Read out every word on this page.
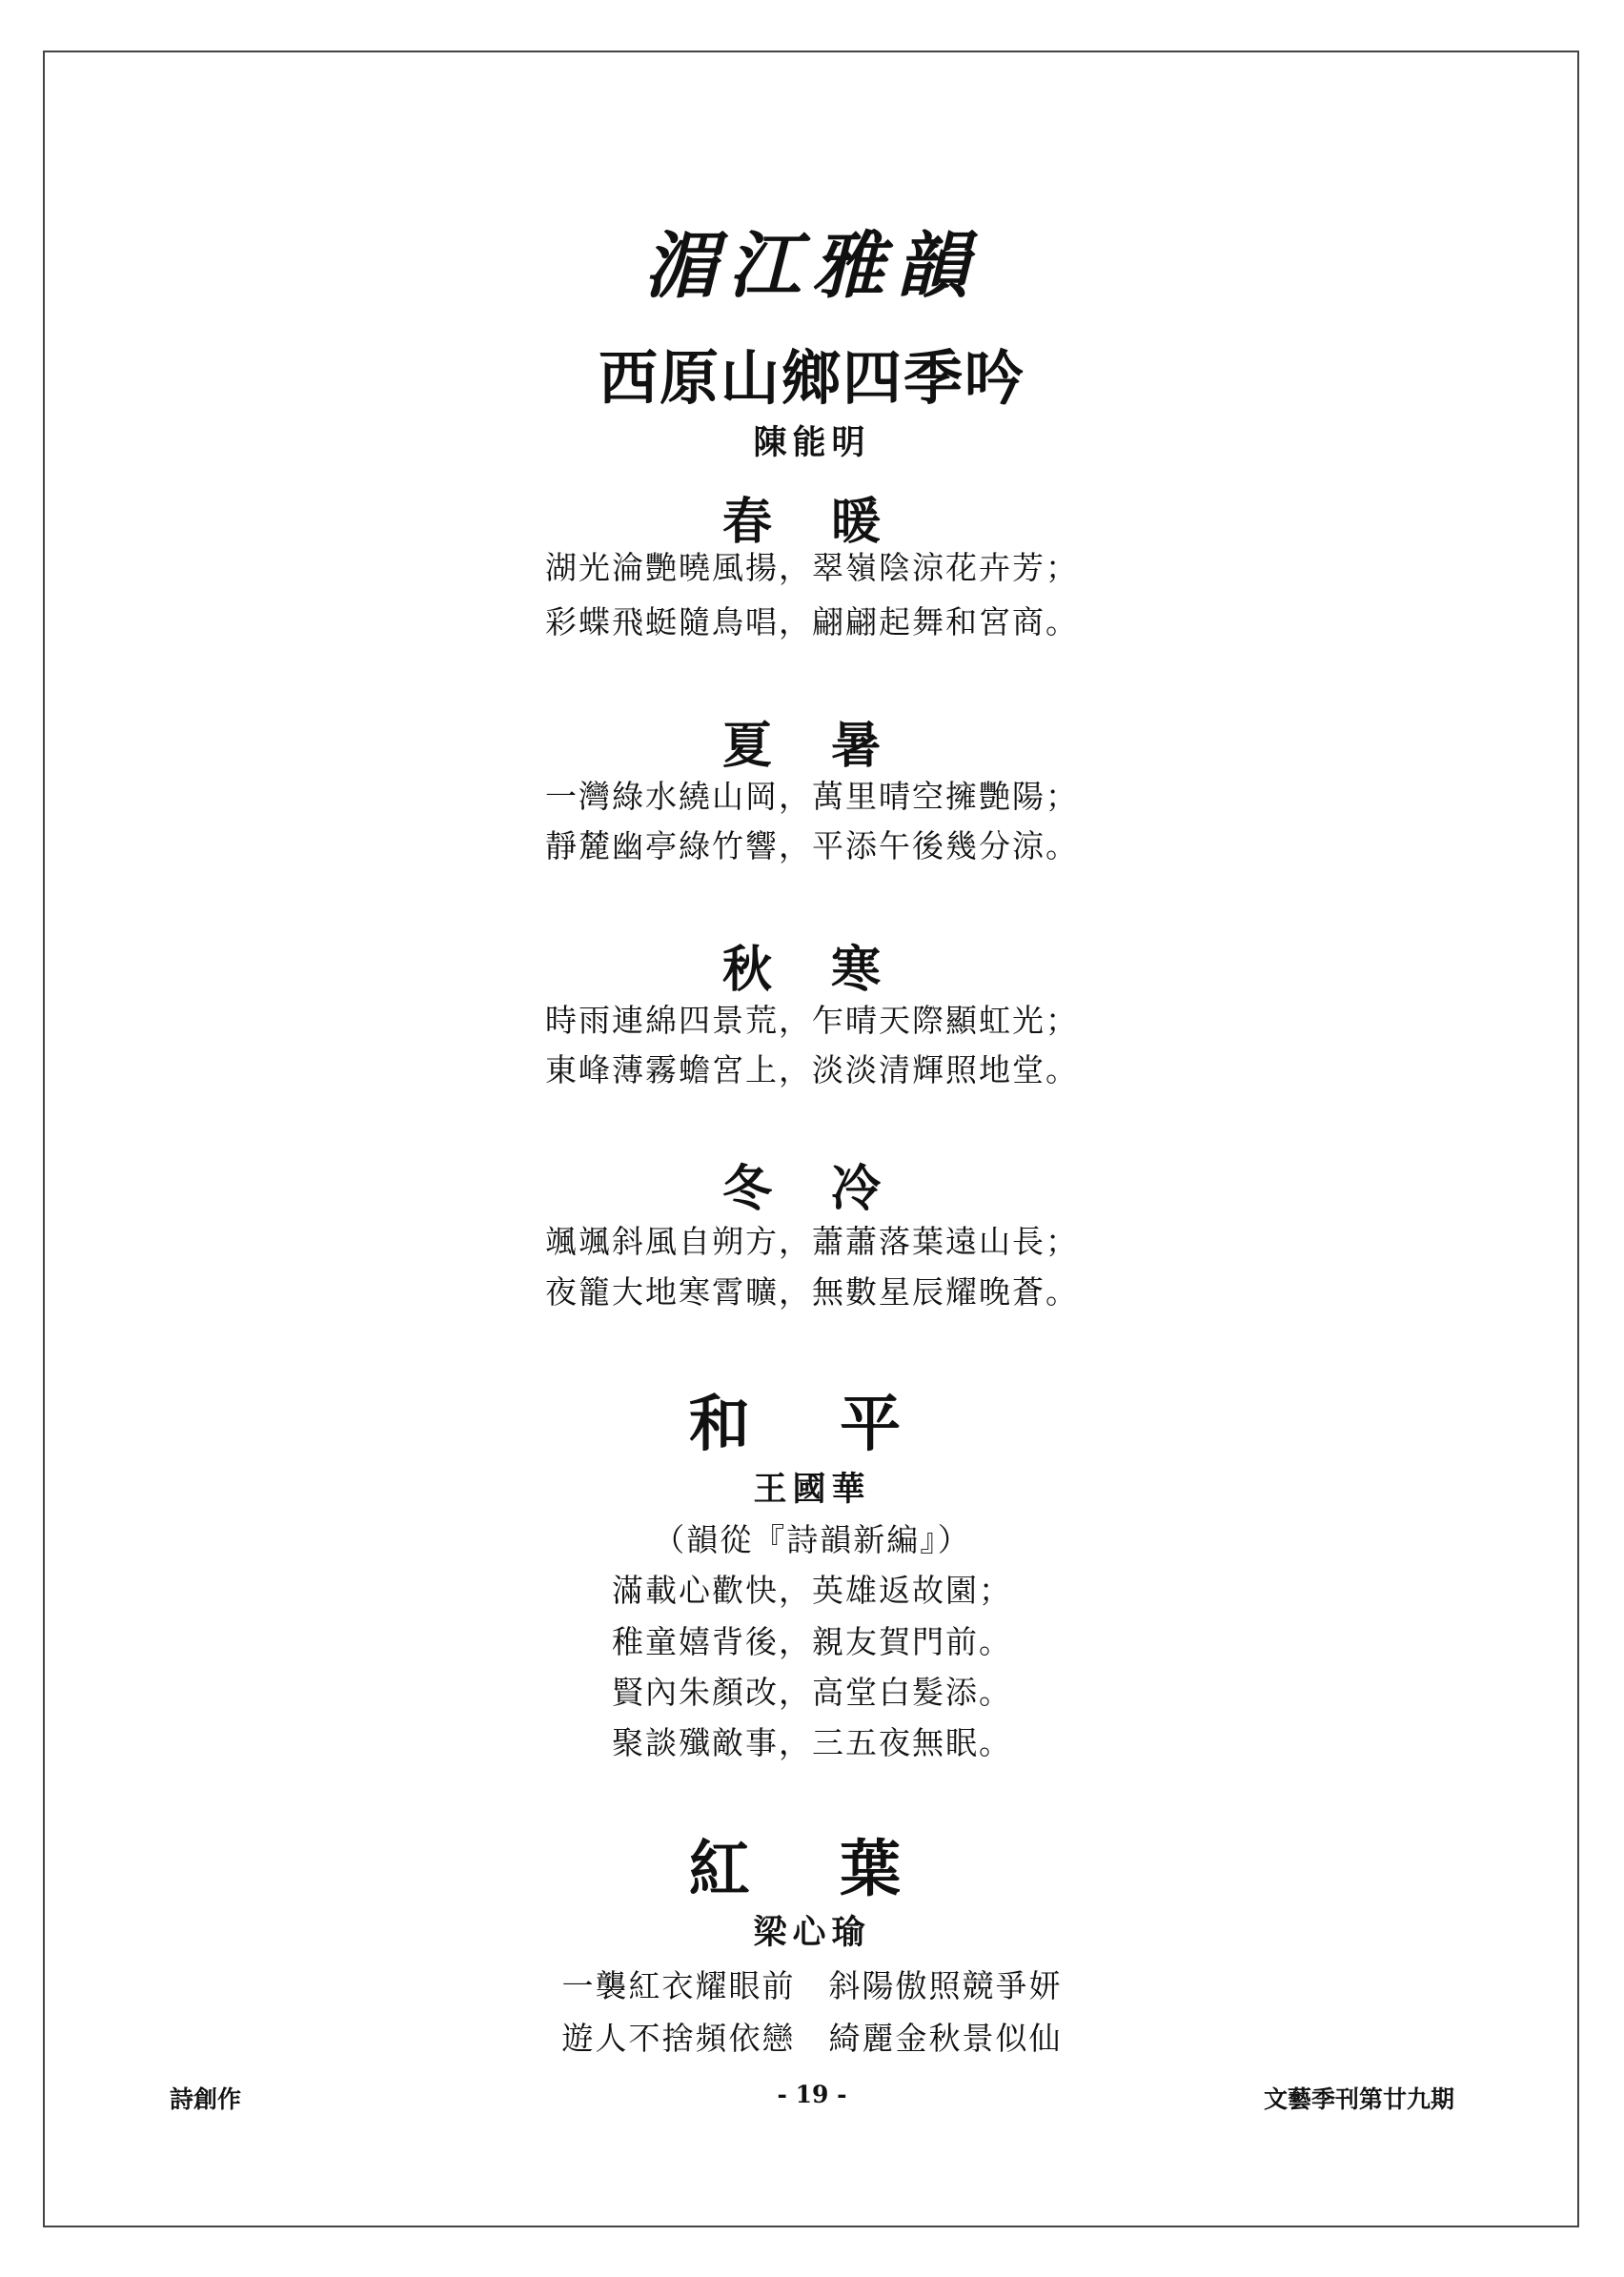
湄江雅韻
西原山鄉四季吟
陳能明
春 暖
湖光淪艷曉風揚，翠嶺陰涼花卉芳；
彩蝶飛蜓隨鳥唱，翩翩起舞和宮商。
夏 暑
一灣綠水繞山岡，萬里晴空擁艷陽；
靜麓幽亭綠竹響，平添午後幾分涼。
秋 寒
時雨連綿四景荒，乍晴天際顯虹光；
東峰薄霧蟾宮上，淡淡清輝照地堂。
冬 冷
颯颯斜風自朔方，蕭蕭落葉遠山長；
夜籠大地寒霄曠，無數星辰耀晚蒼。
和 平
王國華
（韻從『詩韻新編』）
滿載心歡快，英雄返故園；
稚童嬉背後，親友賀門前。
賢內朱顏改，高堂白髮添。
聚談殲敵事，三五夜無眠。
紅 葉
梁心瑜
一襲紅衣耀眼前　斜陽傲照競爭妍
遊人不捨頻依戀　綺麗金秋景似仙
詩創作	- 19 -	文藝季刊第廿九期
